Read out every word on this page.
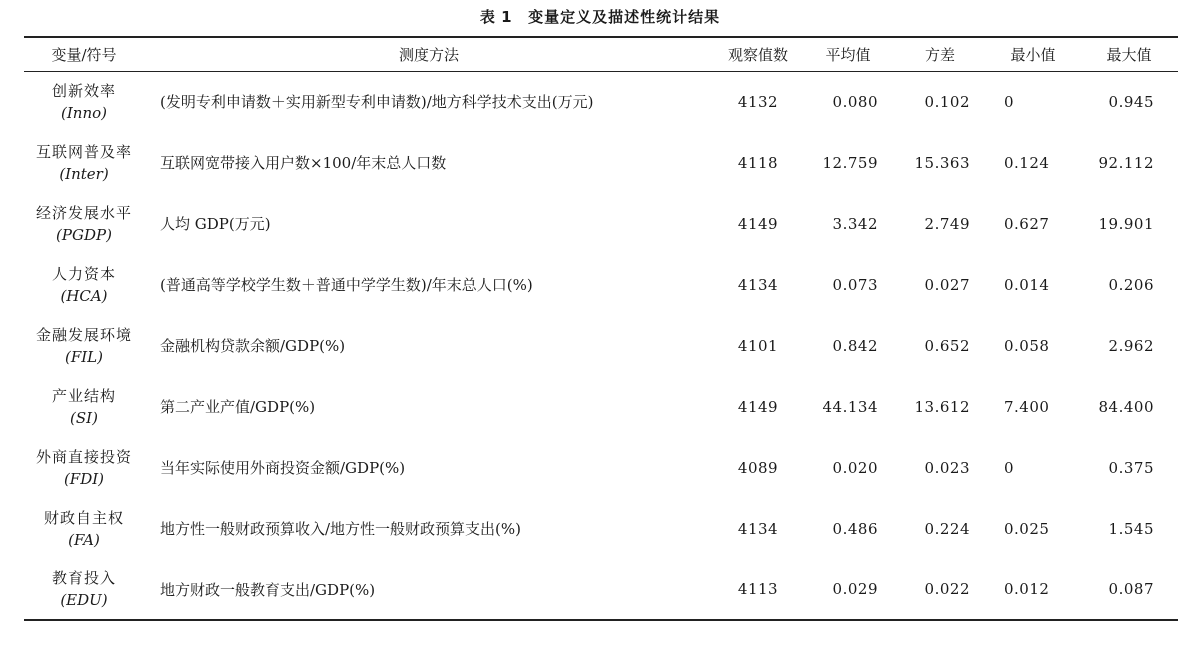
表 1 变量定义及描述性统计结果
变量/符号	测度方法	观察值数	平均值	方差	最小值	最大值

创新效率
(Inno)	(发明专利申请数＋实用新型专利申请数)/地方科学技术支出(万元)	4132	0.080	0.102	0	0.945

互联网普及率
(Inter)	互联网宽带接入用户数×100/年末总人口数	4118	12.759	15.363	0.124	92.112

经济发展水平
(PGDP)	人均 GDP(万元)	4149	3.342	2.749	0.627	19.901

人力资本
(HCA)	(普通高等学校学生数＋普通中学学生数)/年末总人口(%)	4134	0.073	0.027	0.014	0.206

金融发展环境
(FIL)	金融机构贷款余额/GDP(%)	4101	0.842	0.652	0.058	2.962

产业结构
(SI)	第二产业产值/GDP(%)	4149	44.134	13.612	7.400	84.400

外商直接投资
(FDI)	当年实际使用外商投资金额/GDP(%)	4089	0.020	0.023	0	0.375

财政自主权
(FA)	地方性一般财政预算收入/地方性一般财政预算支出(%)	4134	0.486	0.224	0.025	1.545

教育投入
(EDU)	地方财政一般教育支出/GDP(%)	4113	0.029	0.022	0.012	0.087
